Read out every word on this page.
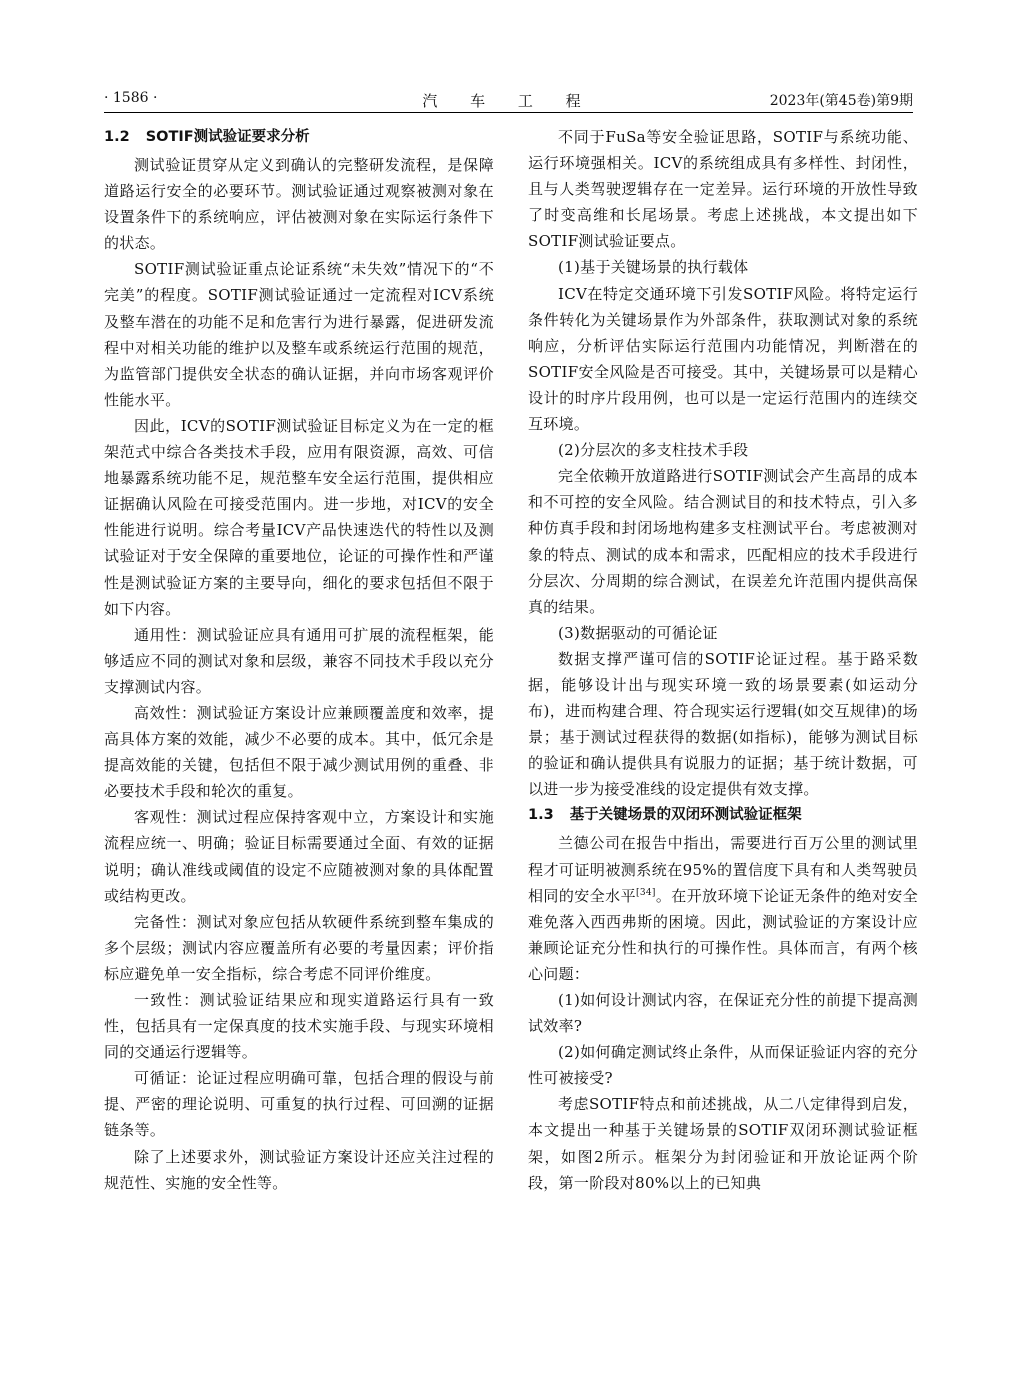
· 1586 ·	汽 车 工 程	2023年(第45卷)第9期
1.2 SOTIF测试验证要求分析

测试验证贯穿从定义到确认的完整研发流程，是保障道路运行安全的必要环节。测试验证通过观察被测对象在设置条件下的系统响应，评估被测对象在实际运行条件下的状态。

SOTIF测试验证重点论证系统“未失效”情况下的“不完美”的程度。SOTIF测试验证通过一定流程对ICV系统及整车潜在的功能不足和危害行为进行暴露，促进研发流程中对相关功能的维护以及整车或系统运行范围的规范，为监管部门提供安全状态的确认证据，并向市场客观评价性能水平。

因此，ICV的SOTIF测试验证目标定义为在一定的框架范式中综合各类技术手段，应用有限资源，高效、可信地暴露系统功能不足，规范整车安全运行范围，提供相应证据确认风险在可接受范围内。进一步地，对ICV的安全性能进行说明。综合考量ICV产品快速迭代的特性以及测试验证对于安全保障的重要地位，论证的可操作性和严谨性是测试验证方案的主要导向，细化的要求包括但不限于如下内容。

通用性：测试验证应具有通用可扩展的流程框架，能够适应不同的测试对象和层级，兼容不同技术手段以充分支撑测试内容。

高效性：测试验证方案设计应兼顾覆盖度和效率，提高具体方案的效能，减少不必要的成本。其中，低冗余是提高效能的关键，包括但不限于减少测试用例的重叠、非必要技术手段和轮次的重复。

客观性：测试过程应保持客观中立，方案设计和实施流程应统一、明确；验证目标需要通过全面、有效的证据说明；确认准线或阈值的设定不应随被测对象的具体配置或结构更改。

完备性：测试对象应包括从软硬件系统到整车集成的多个层级；测试内容应覆盖所有必要的考量因素；评价指标应避免单一安全指标，综合考虑不同评价维度。

一致性：测试验证结果应和现实道路运行具有一致性，包括具有一定保真度的技术实施手段、与现实环境相同的交通运行逻辑等。

可循证：论证过程应明确可靠，包括合理的假设与前提、严密的理论说明、可重复的执行过程、可回溯的证据链条等。

除了上述要求外，测试验证方案设计还应关注过程的规范性、实施的安全性等。

不同于FuSa等安全验证思路，SOTIF与系统功能、运行环境强相关。ICV的系统组成具有多样性、封闭性，且与人类驾驶逻辑存在一定差异。运行环境的开放性导致了时变高维和长尾场景。考虑上述挑战，本文提出如下SOTIF测试验证要点。

(1)基于关键场景的执行载体

ICV在特定交通环境下引发SOTIF风险。将特定运行条件转化为关键场景作为外部条件，获取测试对象的系统响应，分析评估实际运行范围内功能情况，判断潜在的SOTIF安全风险是否可接受。其中，关键场景可以是精心设计的时序片段用例，也可以是一定运行范围内的连续交互环境。

(2)分层次的多支柱技术手段

完全依赖开放道路进行SOTIF测试会产生高昂的成本和不可控的安全风险。结合测试目的和技术特点，引入多种仿真手段和封闭场地构建多支柱测试平台。考虑被测对象的特点、测试的成本和需求，匹配相应的技术手段进行分层次、分周期的综合测试，在误差允许范围内提供高保真的结果。

(3)数据驱动的可循论证

数据支撑严谨可信的SOTIF论证过程。基于路采数据，能够设计出与现实环境一致的场景要素(如运动分布)，进而构建合理、符合现实运行逻辑(如交互规律)的场景；基于测试过程获得的数据(如指标)，能够为测试目标的验证和确认提供具有说服力的证据；基于统计数据，可以进一步为接受准线的设定提供有效支撑。

1.3 基于关键场景的双闭环测试验证框架

兰德公司在报告中指出，需要进行百万公里的测试里程才可证明被测系统在95%的置信度下具有和人类驾驶员相同的安全水平[34]。在开放环境下论证无条件的绝对安全难免落入西西弗斯的困境。因此，测试验证的方案设计应兼顾论证充分性和执行的可操作性。具体而言，有两个核心问题：

(1)如何设计测试内容，在保证充分性的前提下提高测试效率?

(2)如何确定测试终止条件，从而保证验证内容的充分性可被接受?

考虑SOTIF特点和前述挑战，从二八定律得到启发，本文提出一种基于关键场景的SOTIF双闭环测试验证框架，如图2所示。框架分为封闭验证和开放论证两个阶段，第一阶段对80%以上的已知典
